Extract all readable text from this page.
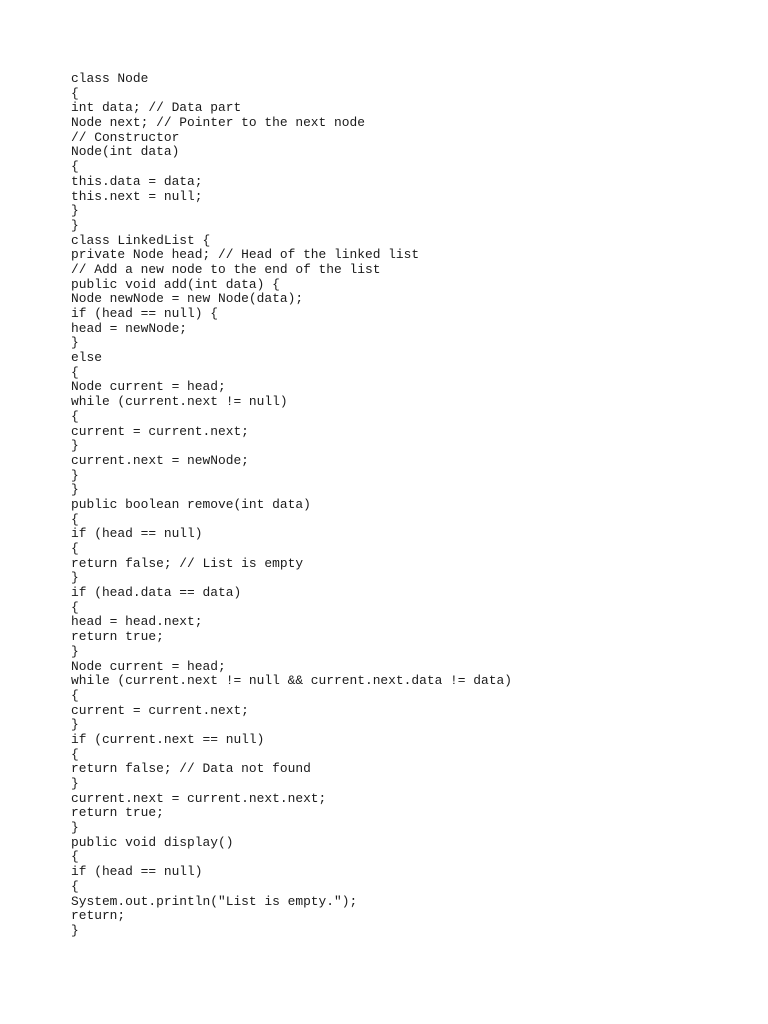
class Node
{
int data; // Data part
Node next; // Pointer to the next node
// Constructor
Node(int data)
{
this.data = data;
this.next = null;
}
}
class LinkedList {
private Node head; // Head of the linked list
// Add a new node to the end of the list
public void add(int data) {
Node newNode = new Node(data);
if (head == null) {
head = newNode;
}
else
{
Node current = head;
while (current.next != null)
{
current = current.next;
}
current.next = newNode;
}
}
public boolean remove(int data)
{
if (head == null)
{
return false; // List is empty
}
if (head.data == data)
{
head = head.next;
return true;
}
Node current = head;
while (current.next != null && current.next.data != data)
{
current = current.next;
}
if (current.next == null)
{
return false; // Data not found
}
current.next = current.next.next;
return true;
}
public void display()
{
if (head == null)
{
System.out.println("List is empty.");
return;
}
